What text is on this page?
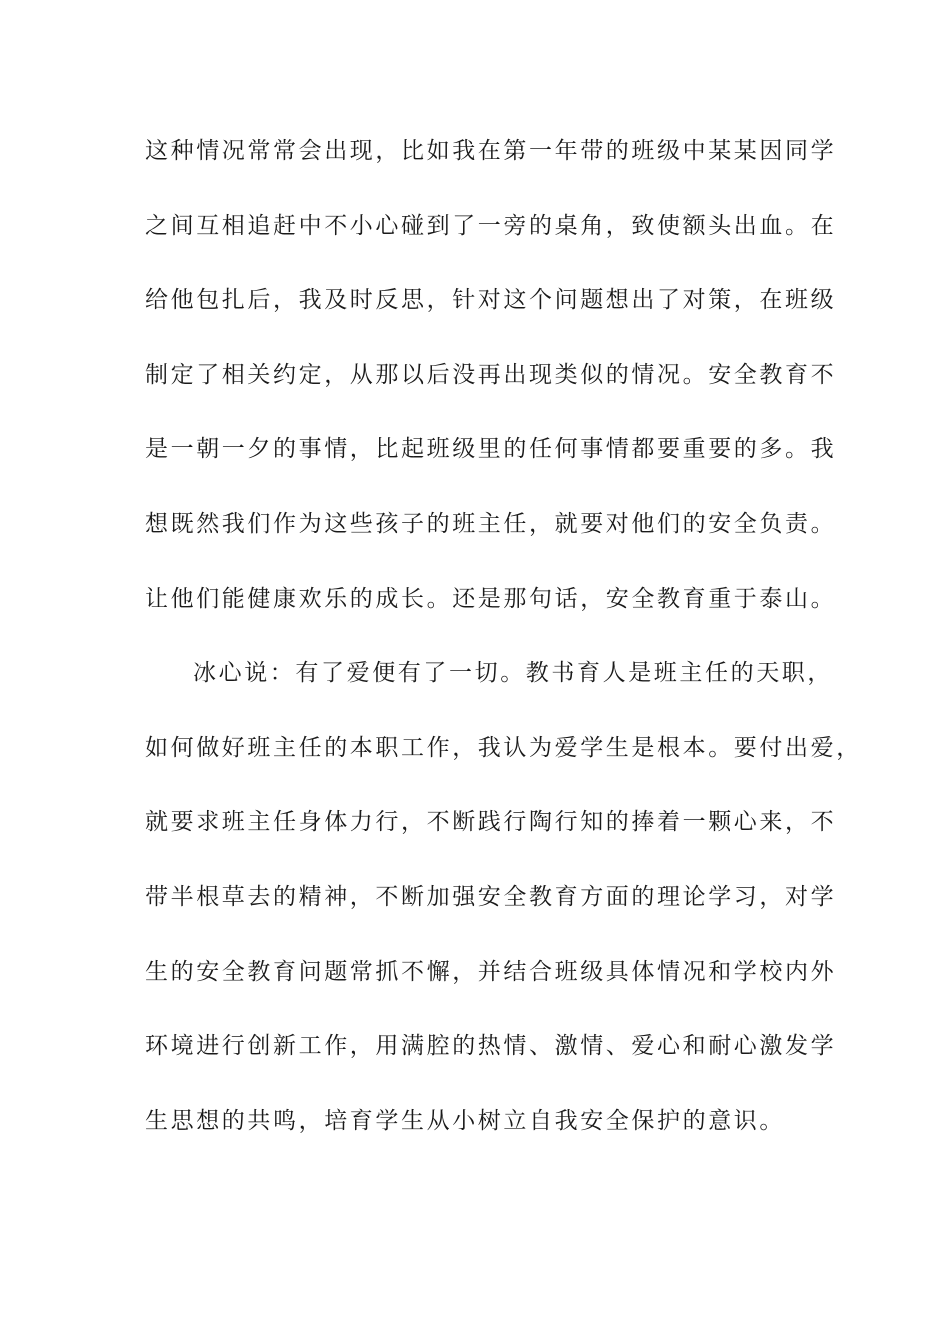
这种情况常常会出现，比如我在第一年带的班级中某某因同学

之间互相追赶中不小心碰到了一旁的桌角，致使额头出血。在

给他包扎后，我及时反思，针对这个问题想出了对策，在班级

制定了相关约定，从那以后没再出现类似的情况。安全教育不

是一朝一夕的事情，比起班级里的任何事情都要重要的多。我

想既然我们作为这些孩子的班主任，就要对他们的安全负责。

让他们能健康欢乐的成长。还是那句话，安全教育重于泰山。

冰心说：有了爱便有了一切。教书育人是班主任的天职，

如何做好班主任的本职工作，我认为爱学生是根本。要付出爱，

就要求班主任身体力行，不断践行陶行知的捧着一颗心来，不

带半根草去的精神，不断加强安全教育方面的理论学习，对学

生的安全教育问题常抓不懈，并结合班级具体情况和学校内外

环境进行创新工作，用满腔的热情、激情、爱心和耐心激发学

生思想的共鸣，培育学生从小树立自我安全保护的意识。
